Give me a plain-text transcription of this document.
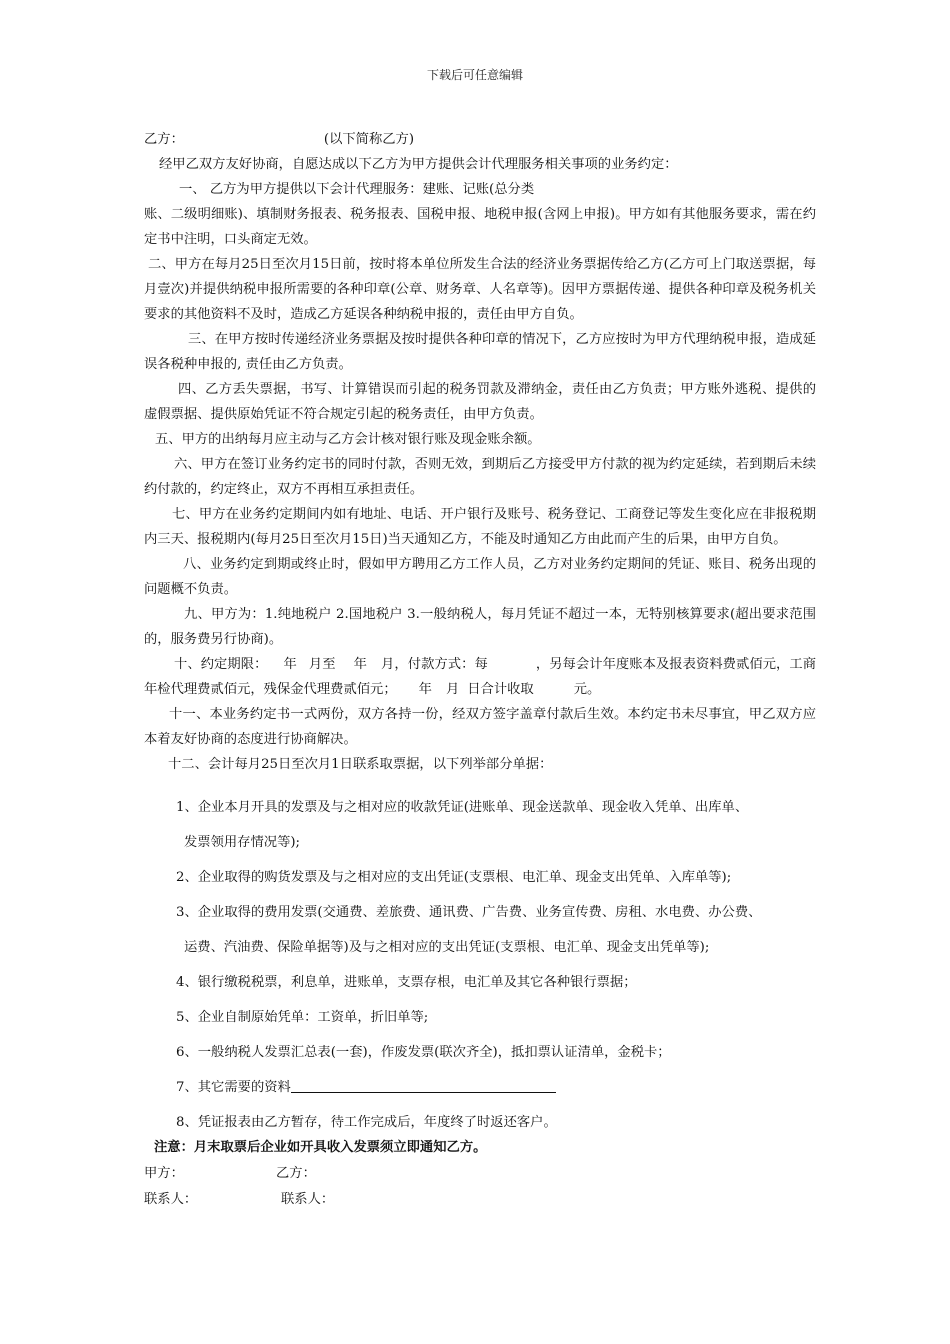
下载后可任意编辑

乙方：	(以下简称乙方)

经甲乙双方友好协商，自愿达成以下乙方为甲方提供会计代理服务相关事项的业务约定：

一、 乙方为甲方提供以下会计代理服务：建账、记账(总分类

账、二级明细账)、填制财务报表、税务报表、国税申报、地税申报(含网上申报)。甲方如有其他服务要求，需在约定书中注明，口头商定无效。

二、甲方在每月25日至次月15日前，按时将本单位所发生合法的经济业务票据传给乙方(乙方可上门取送票据，每月壹次)并提供纳税申报所需要的各种印章(公章、财务章、人名章等)。因甲方票据传递、提供各种印章及税务机关要求的其他资料不及时，造成乙方延误各种纳税申报的，责任由甲方自负。

三、在甲方按时传递经济业务票据及按时提供各种印章的情况下，乙方应按时为甲方代理纳税申报，造成延误各税种申报的, 责任由乙方负责。

四、乙方丢失票据，书写、计算错误而引起的税务罚款及滞纳金，责任由乙方负责；甲方账外逃税、提供的虚假票据、提供原始凭证不符合规定引起的税务责任，由甲方负责。

五、甲方的出纳每月应主动与乙方会计核对银行账及现金账余额。

六、甲方在签订业务约定书的同时付款，否则无效，到期后乙方接受甲方付款的视为约定延续，若到期后未续约付款的，约定终止，双方不再相互承担责任。

七、甲方在业务约定期间内如有地址、电话、开户银行及账号、税务登记、工商登记等发生变化应在非报税期内三天、报税期内(每月25日至次月15日)当天通知乙方，不能及时通知乙方由此而产生的后果，由甲方自负。

八、业务约定到期或终止时，假如甲方聘用乙方工作人员，乙方对业务约定期间的凭证、账目、税务出现的问题概不负责。

九、甲方为：1.纯地税户 2.国地税户 3.一般纳税人，每月凭证不超过一本，无特别核算要求(超出要求范围的，服务费另行协商)。

十、约定期限： 年 月至 年 月，付款方式：每	，另每会计年度账本及报表资料费贰佰元，工商年检代理费贰佰元，残保金代理费贰佰元； 年 月 日合计收取	元。

十一、本业务约定书一式两份，双方各持一份，经双方签字盖章付款后生效。本约定书未尽事宜，甲乙双方应本着友好协商的态度进行协商解决。

十二、会计每月25日至次月1日联系取票据，以下列举部分单据：

1、企业本月开具的发票及与之相对应的收款凭证(进账单、现金送款单、现金收入凭单、出库单、

发票领用存情况等);

2、企业取得的购货发票及与之相对应的支出凭证(支票根、电汇单、现金支出凭单、入库单等);

3、企业取得的费用发票(交通费、差旅费、通讯费、广告费、业务宣传费、房租、水电费、办公费、

运费、汽油费、保险单据等)及与之相对应的支出凭证(支票根、电汇单、现金支出凭单等);

4、银行缴税税票，利息单，进账单，支票存根，电汇单及其它各种银行票据；

5、企业自制原始凭单：工资单，折旧单等;

6、一般纳税人发票汇总表(一套)，作废发票(联次齐全)，抵扣票认证清单，金税卡；

7、其它需要的资料

8、凭证报表由乙方暂存，待工作完成后，年度终了时返还客户。

注意：月末取票后企业如开具收入发票须立即通知乙方。
甲方：	乙方：
联系人：	联系人：
